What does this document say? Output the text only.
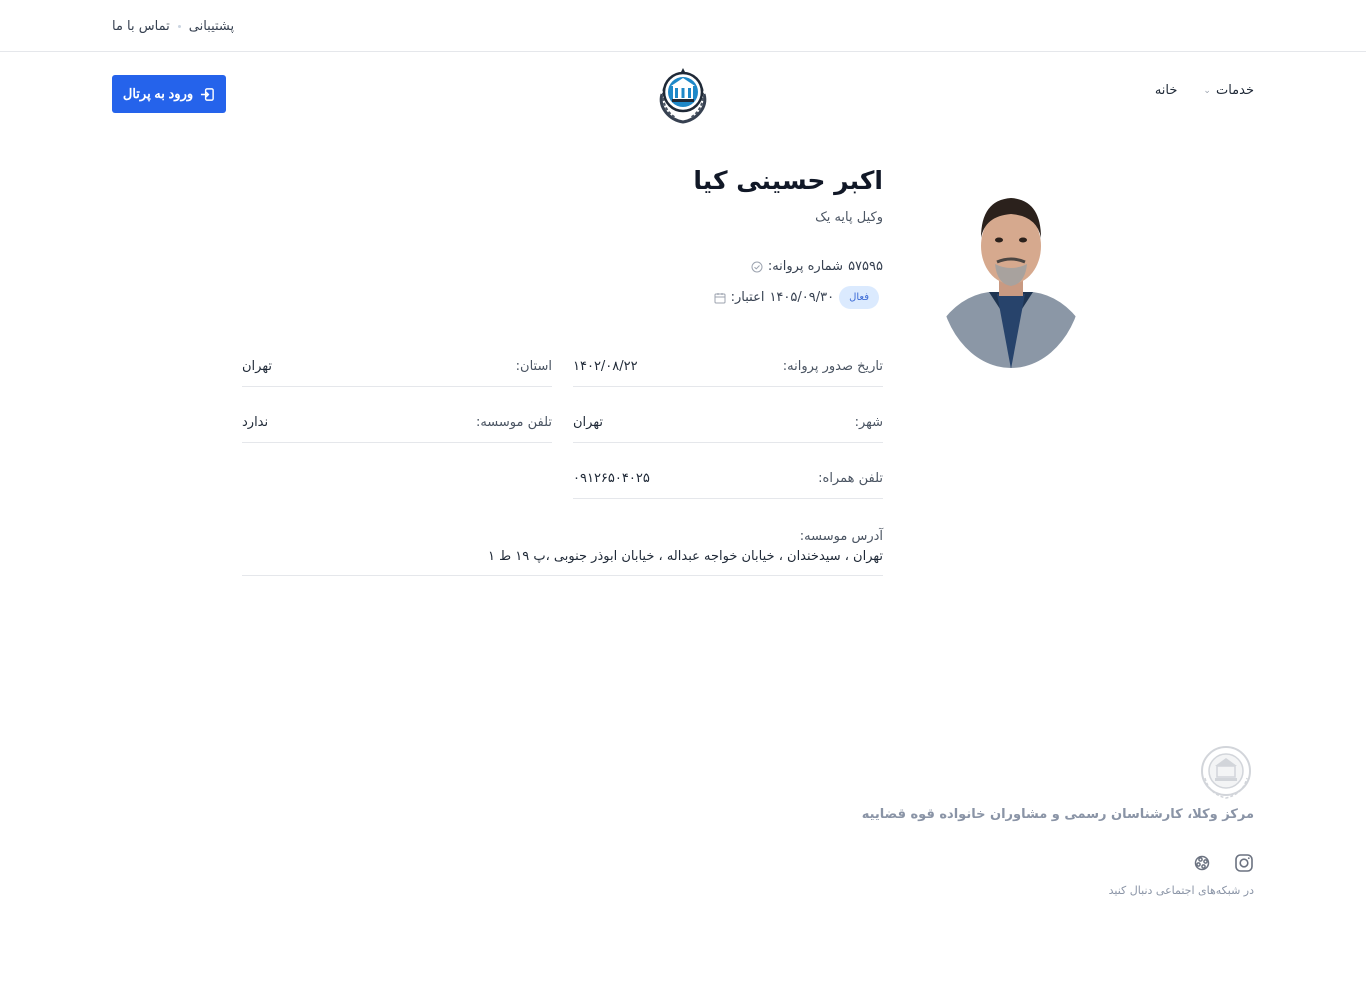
پشتیبانی
تماس با ما
ورود به پرتال	خانه	خدمات
⌄
اکبر حسینی کیا
وکیل پایه یک
شماره پروانه: ۵۷۵۹۵
اعتبار: ۱۴۰۵/۰۹/۳۰	فعال
تاریخ صدور پروانه:
۱۴۰۲/۰۸/۲۲
استان:
تهران
شهر:
تهران
تلفن موسسه:
ندارد
تلفن همراه:
۰۹۱۲۶۵۰۴۰۲۵
آدرس موسسه:
تهران ، سیدخندان ، خیابان خواجه عبداله ، خیابان ابوذر جنوبی ،پ ۱۹ ط ۱
مرکز وکلا، کارشناسان رسمی و مشاوران خانواده قوه قضاییه
در شبکه‌های اجتماعی دنبال کنید
